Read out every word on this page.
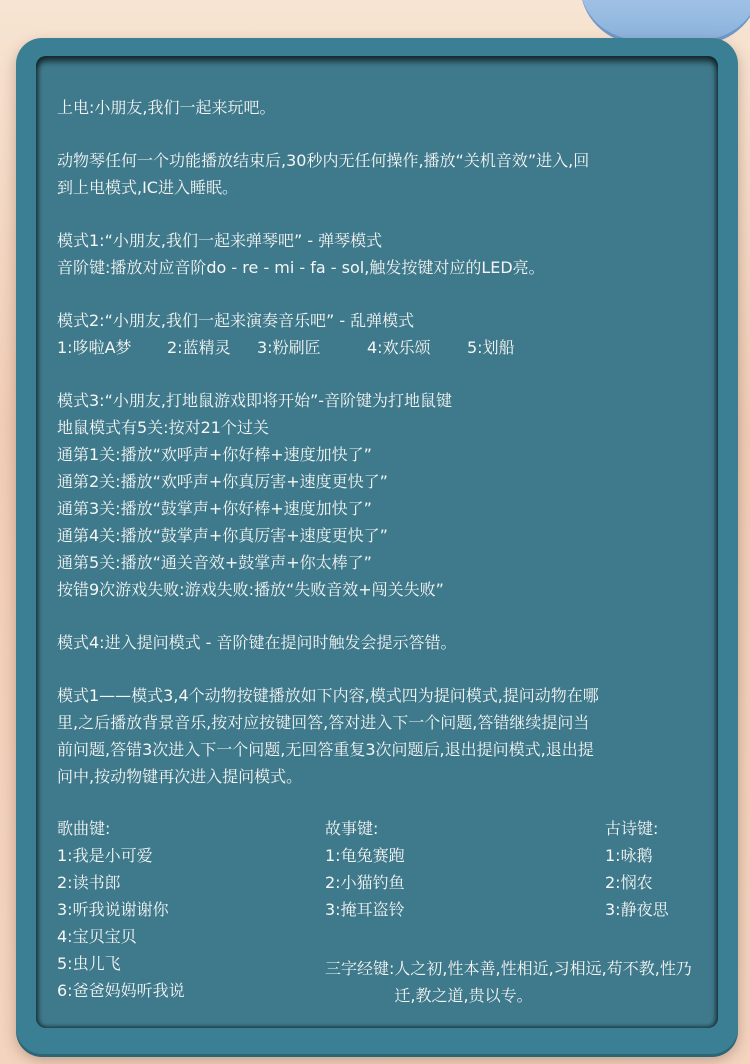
上电:小朋友,我们一起来玩吧。
动物琴任何一个功能播放结束后,30秒内无任何操作,播放“关机音效”进入,回
到上电模式,IC进入睡眠。
模式1:“小朋友,我们一起来弹琴吧” - 弹琴模式
音阶键:播放对应音阶do - re - mi - fa - sol,触发按键对应的LED亮。
模式2:“小朋友,我们一起来演奏音乐吧” - 乱弹模式
1:哆啦A梦 2:蓝精灵 3:粉刷匠	4:欢乐颂 5:划船
模式3:“小朋友,打地鼠游戏即将开始”-音阶键为打地鼠键
地鼠模式有5关:按对21个过关
通第1关:播放“欢呼声+你好棒+速度加快了”
通第2关:播放“欢呼声+你真厉害+速度更快了”
通第3关:播放“鼓掌声+你好棒+速度加快了”
通第4关:播放“鼓掌声+你真厉害+速度更快了”
通第5关:播放“通关音效+鼓掌声+你太棒了”
按错9次游戏失败:游戏失败:播放“失败音效+闯关失败”
模式4:进入提问模式 - 音阶键在提问时触发会提示答错。
模式1——模式3,4个动物按键播放如下内容,模式四为提问模式,提问动物在哪
里,之后播放背景音乐,按对应按键回答,答对进入下一个问题,答错继续提问当
前问题,答错3次进入下一个问题,无回答重复3次问题后,退出提问模式,退出提
问中,按动物键再次进入提问模式。
歌曲键:
1:我是小可爱
2:读书郎
3:听我说谢谢你
4:宝贝宝贝
5:虫儿飞
6:爸爸妈妈听我说
故事键:
1:龟兔赛跑
2:小猫钓鱼
3:掩耳盗铃
古诗键:
1:咏鹅
2:悯农
3:静夜思
三字经键: 人之初,性本善,性相近,习相远,苟不教,性乃迁,教之道,贵以专。
